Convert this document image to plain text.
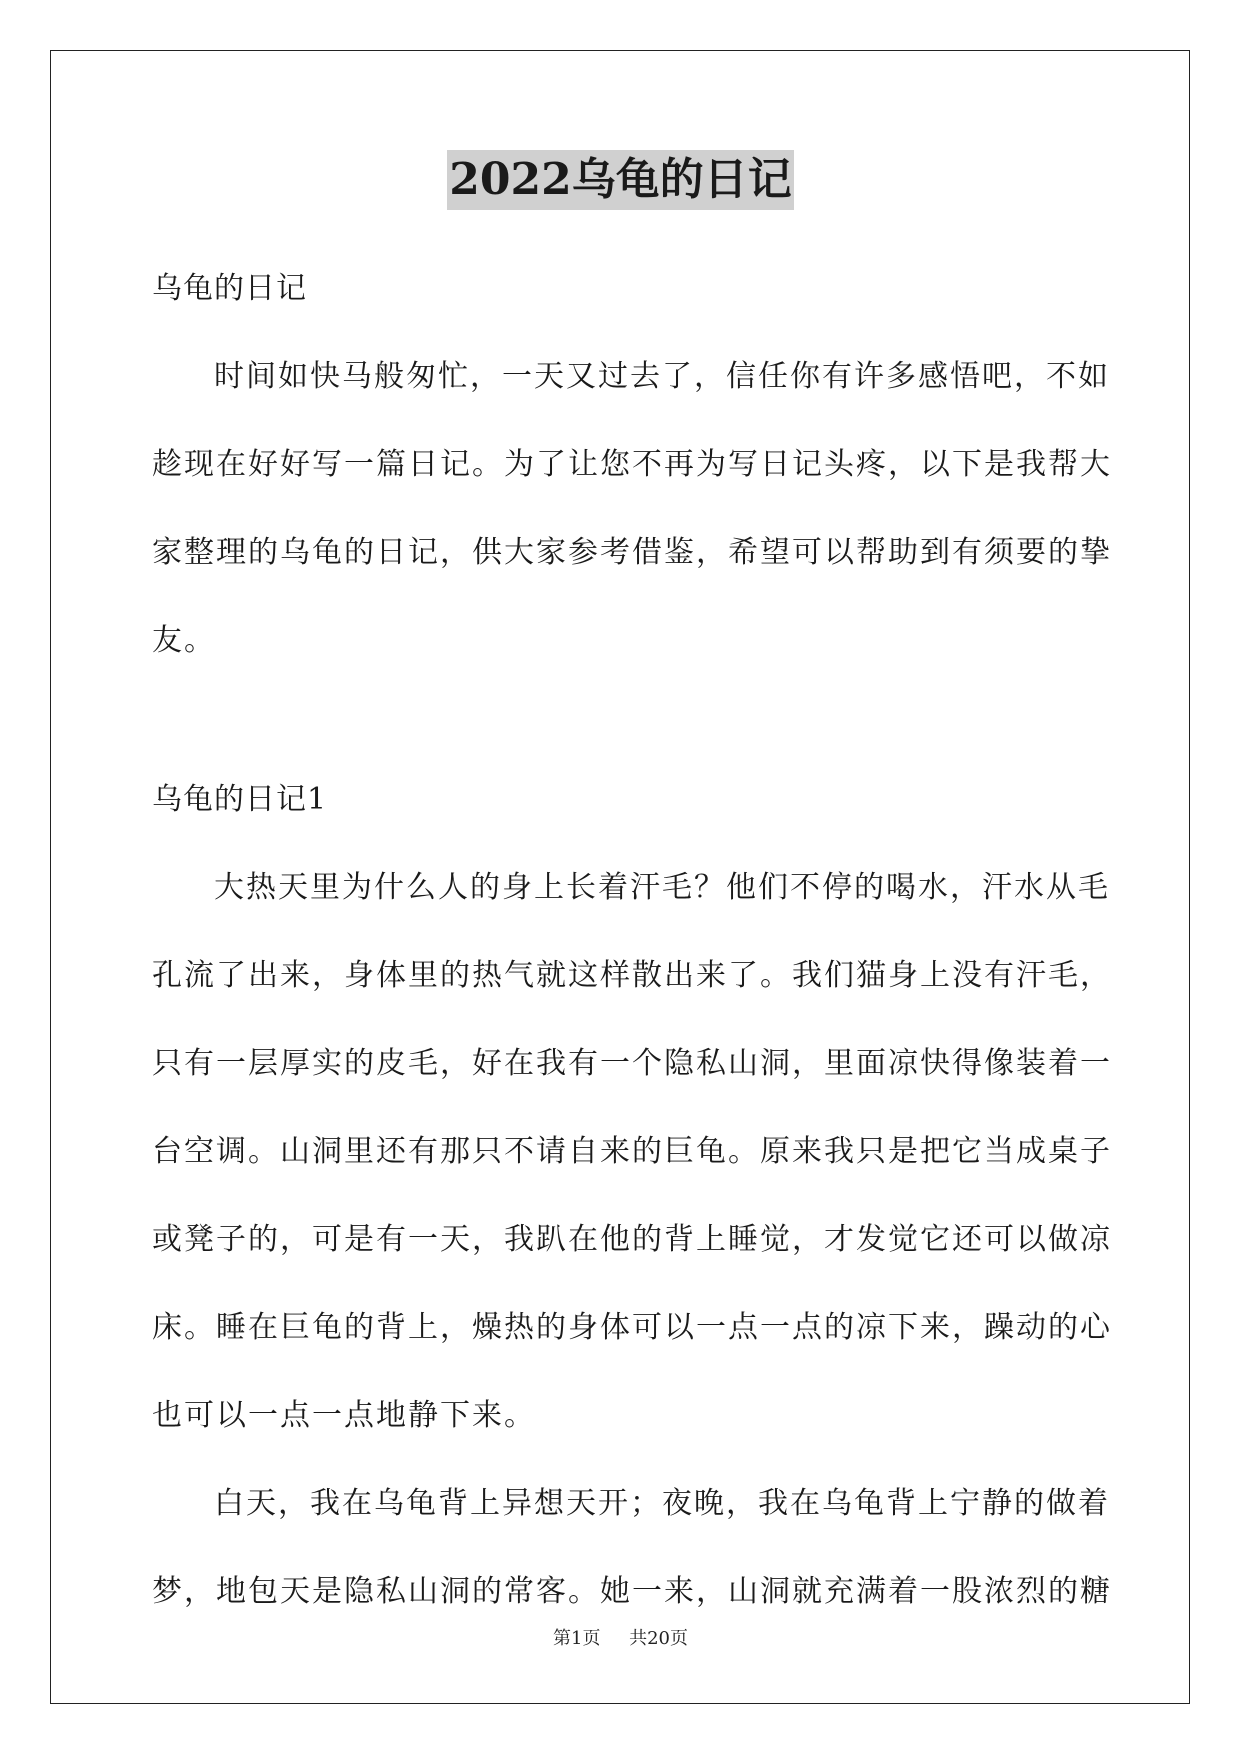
2022乌龟的日记
乌龟的日记
时间如快马般匆忙，一天又过去了，信任你有许多感悟吧，不如
趁现在好好写一篇日记。为了让您不再为写日记头疼，以下是我帮大
家整理的乌龟的日记，供大家参考借鉴，希望可以帮助到有须要的挚
友。
乌龟的日记1
大热天里为什么人的身上长着汗毛？他们不停的喝水，汗水从毛
孔流了出来，身体里的热气就这样散出来了。我们猫身上没有汗毛，
只有一层厚实的皮毛，好在我有一个隐私山洞，里面凉快得像装着一
台空调。山洞里还有那只不请自来的巨龟。原来我只是把它当成桌子
或凳子的，可是有一天，我趴在他的背上睡觉，才发觉它还可以做凉
床。睡在巨龟的背上，燥热的身体可以一点一点的凉下来，躁动的心
也可以一点一点地静下来。
白天，我在乌龟背上异想天开；夜晚，我在乌龟背上宁静的做着
梦，地包天是隐私山洞的常客。她一来，山洞就充满着一股浓烈的糖
第1页 共20页
